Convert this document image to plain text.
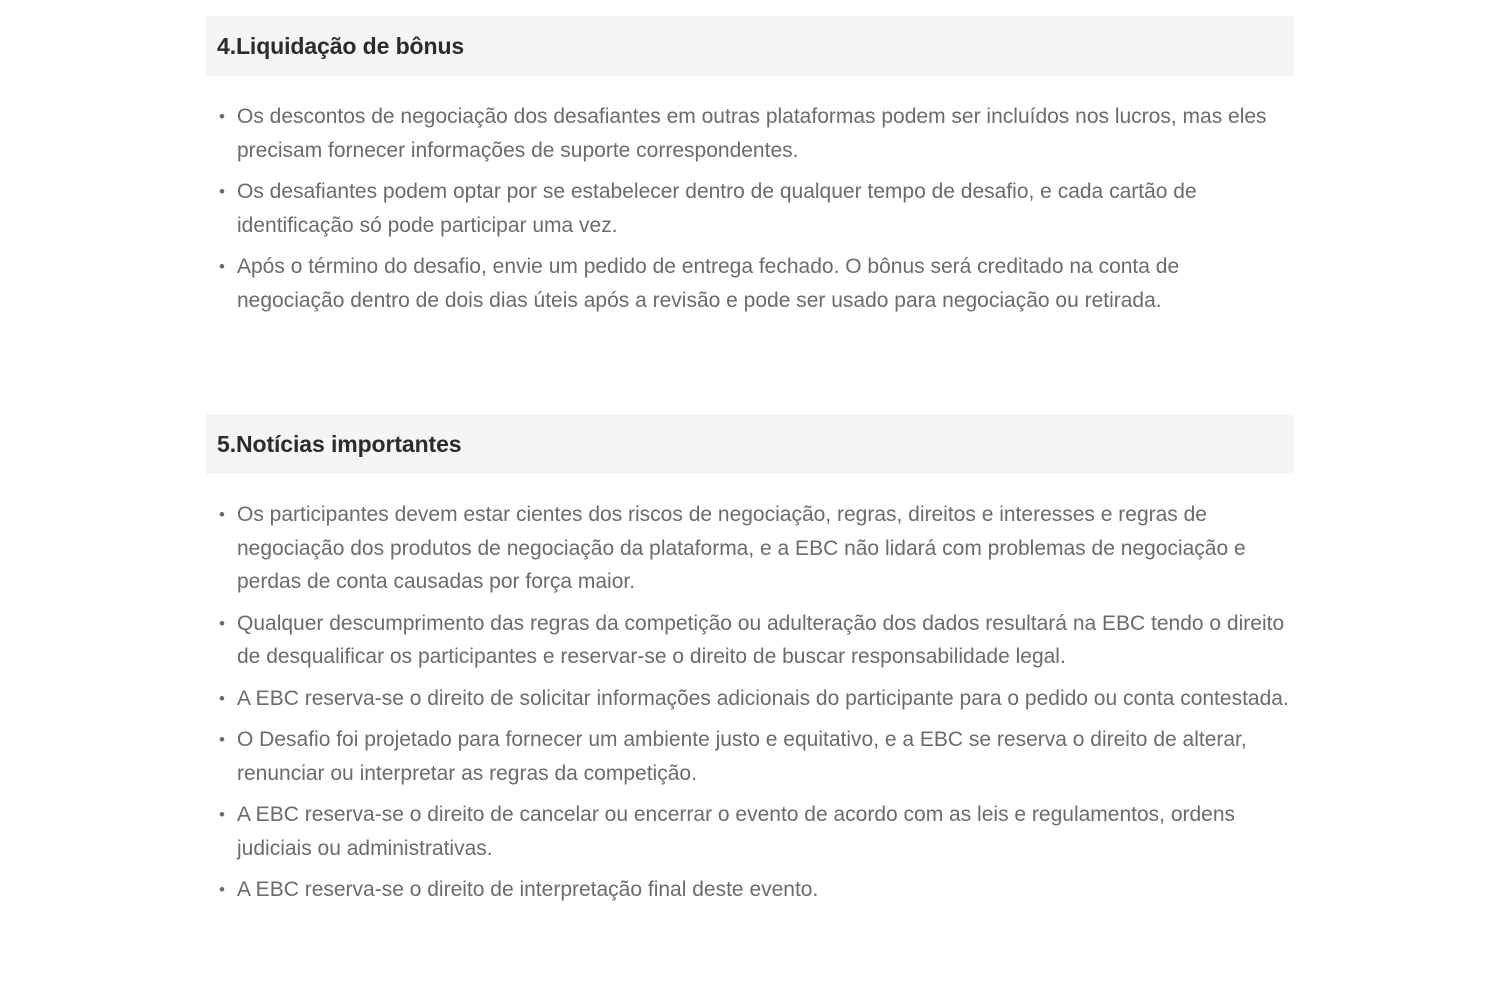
4.Liquidação de bônus
• Os descontos de negociação dos desafiantes em outras plataformas podem ser incluídos nos lucros, mas eles precisam fornecer informações de suporte correspondentes.
• Os desafiantes podem optar por se estabelecer dentro de qualquer tempo de desafio, e cada cartão de identificação só pode participar uma vez.
• Após o término do desafio, envie um pedido de entrega fechado. O bônus será creditado na conta de negociação dentro de dois dias úteis após a revisão e pode ser usado para negociação ou retirada.
5.Notícias importantes
• Os participantes devem estar cientes dos riscos de negociação, regras, direitos e interesses e regras de negociação dos produtos de negociação da plataforma, e a EBC não lidará com problemas de negociação e perdas de conta causadas por força maior.
• Qualquer descumprimento das regras da competição ou adulteração dos dados resultará na EBC tendo o direito de desqualificar os participantes e reservar-se o direito de buscar responsabilidade legal.
• A EBC reserva-se o direito de solicitar informações adicionais do participante para o pedido ou conta contestada.
• O Desafio foi projetado para fornecer um ambiente justo e equitativo, e a EBC se reserva o direito de alterar, renunciar ou interpretar as regras da competição.
• A EBC reserva-se o direito de cancelar ou encerrar o evento de acordo com as leis e regulamentos, ordens judiciais ou administrativas.
• A EBC reserva-se o direito de interpretação final deste evento.
